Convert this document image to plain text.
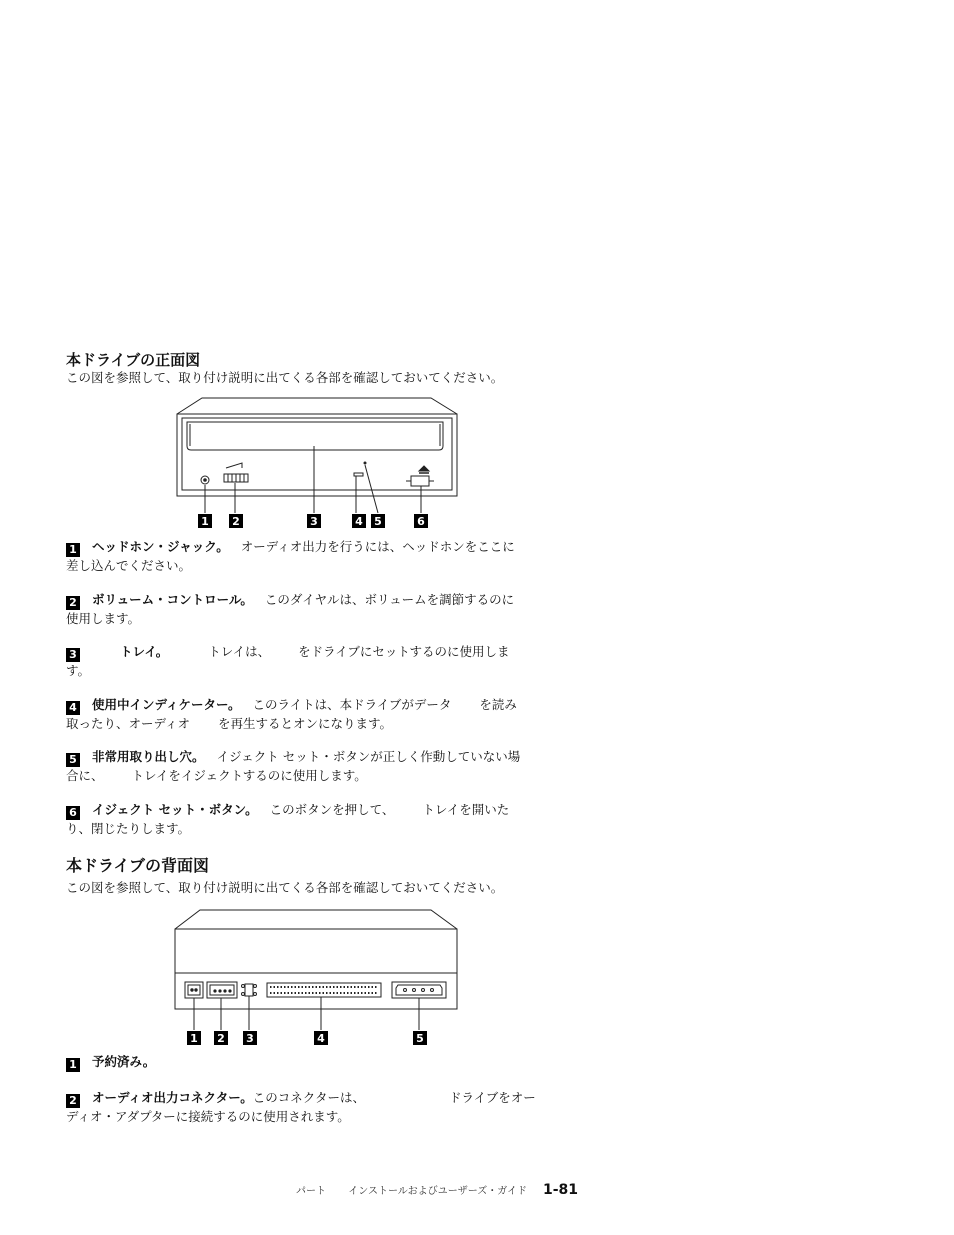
本ドライブの正面図
この図を参照して、取り付け説明に出てくる各部を確認しておいてください。
1 2	3	4 5	6
1 ヘッドホン・ジャック。 オーディオ出力を行うには、ヘッドホンをここに
差し込んでください。
2 ボリューム・コントロール。 このダイヤルは、ボリュームを調節するのに
使用します。
3	トレイ。	トレイは、 をドライブにセットするのに使用しま
す。
4 使用中インディケーター。 このライトは、本ドライブがデータ を読み
取ったり、オーディオ を再生するとオンになります。
5 非常用取り出し穴。 イジェクト セット・ボタンが正しく作動していない場
合に、 トレイをイジェクトするのに使用します。
6 イジェクト セット・ボタン。 このボタンを押して、 トレイを開いた
り、閉じたりします。
本ドライブの背面図
この図を参照して、取り付け説明に出てくる各部を確認しておいてください。
1 2 3	4	5
1 予約済み。
2 オーディオ出力コネクター。このコネクターは、	ドライブをオー
ディオ・アダプターに接続するのに使用されます。
パート インストールおよびユーザーズ・ガイド 1-81
